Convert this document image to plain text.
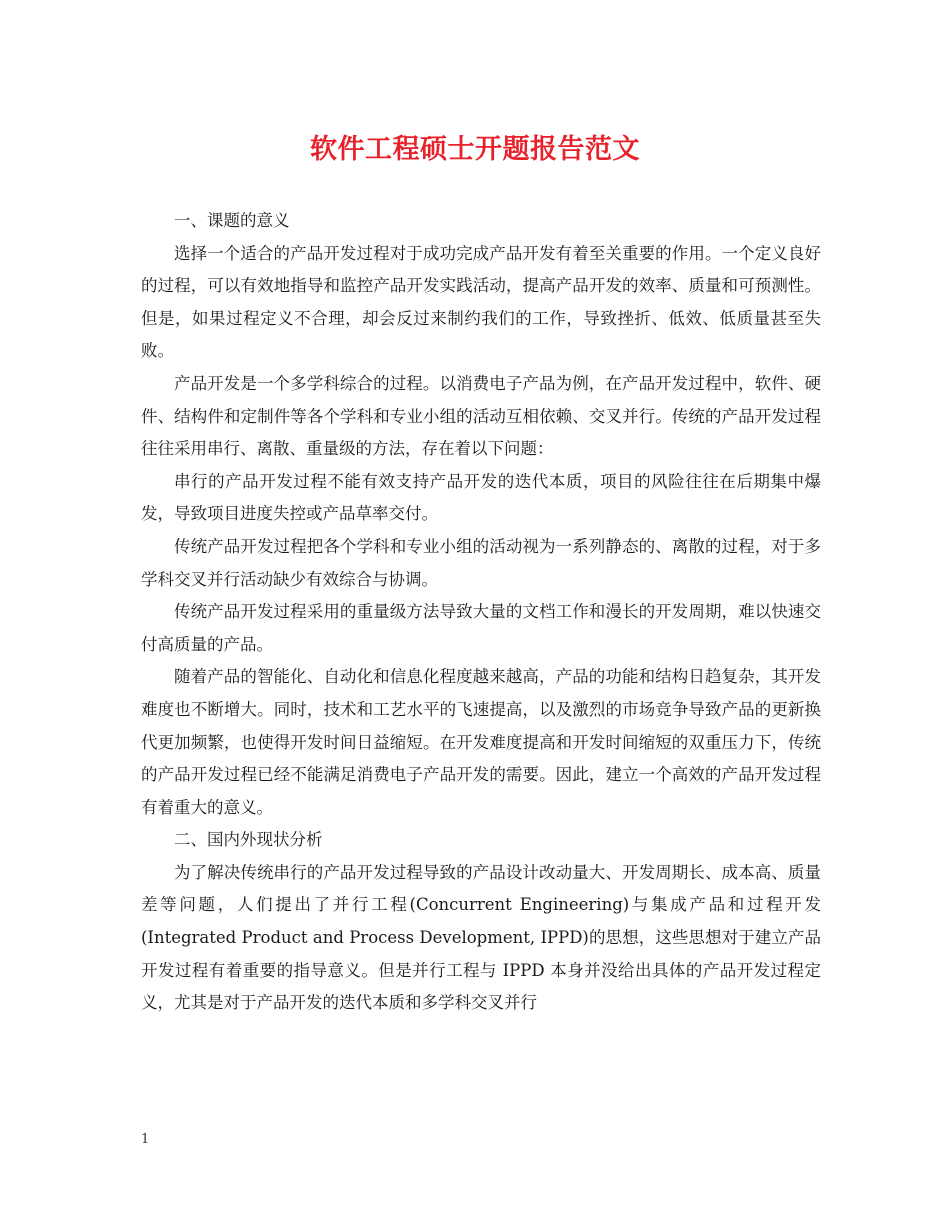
软件工程硕士开题报告范文

一、课题的意义

选择一个适合的产品开发过程对于成功完成产品开发有着至关重要的作用。一个定义良好的过程，可以有效地指导和监控产品开发实践活动，提高产品开发的效率、质量和可预测性。但是，如果过程定义不合理，却会反过来制约我们的工作，导致挫折、低效、低质量甚至失败。

产品开发是一个多学科综合的过程。以消费电子产品为例，在产品开发过程中，软件、硬件、结构件和定制件等各个学科和专业小组的活动互相依赖、交叉并行。传统的产品开发过程往往采用串行、离散、重量级的方法，存在着以下问题：

串行的产品开发过程不能有效支持产品开发的迭代本质，项目的风险往往在后期集中爆发，导致项目进度失控或产品草率交付。

传统产品开发过程把各个学科和专业小组的活动视为一系列静态的、离散的过程，对于多学科交叉并行活动缺少有效综合与协调。

传统产品开发过程采用的重量级方法导致大量的文档工作和漫长的开发周期，难以快速交付高质量的产品。

随着产品的智能化、自动化和信息化程度越来越高，产品的功能和结构日趋复杂，其开发难度也不断增大。同时，技术和工艺水平的飞速提高，以及激烈的市场竞争导致产品的更新换代更加频繁，也使得开发时间日益缩短。在开发难度提高和开发时间缩短的双重压力下，传统的产品开发过程已经不能满足消费电子产品开发的需要。因此，建立一个高效的产品开发过程有着重大的意义。

二、国内外现状分析

为了解决传统串行的产品开发过程导致的产品设计改动量大、开发周期长、成本高、质量差等问题，人们提出了并行工程(Concurrent Engineering)与集成产品和过程开发(Integrated Product and Process Development, IPPD)的思想，这些思想对于建立产品开发过程有着重要的指导意义。但是并行工程与 IPPD 本身并没给出具体的产品开发过程定义，尤其是对于产品开发的迭代本质和多学科交叉并行

1
